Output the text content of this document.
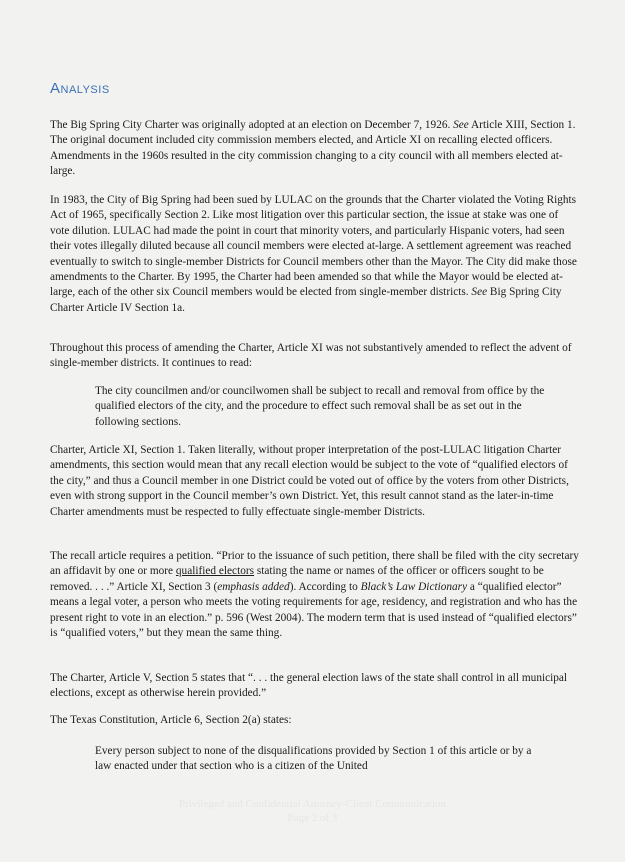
Analysis

The Big Spring City Charter was originally adopted at an election on December 7, 1926. See Article XIII, Section 1. The original document included city commission members elected, and Article XI on recalling elected officers. Amendments in the 1960s resulted in the city commission changing to a city council with all members elected at-large.

In 1983, the City of Big Spring had been sued by LULAC on the grounds that the Charter violated the Voting Rights Act of 1965, specifically Section 2. Like most litigation over this particular section, the issue at stake was one of vote dilution. LULAC had made the point in court that minority voters, and particularly Hispanic voters, had seen their votes illegally diluted because all council members were elected at-large. A settlement agreement was reached eventually to switch to single-member Districts for Council members other than the Mayor. The City did make those amendments to the Charter. By 1995, the Charter had been amended so that while the Mayor would be elected at-large, each of the other six Council members would be elected from single-member districts. See Big Spring City Charter Article IV Section 1a.

Throughout this process of amending the Charter, Article XI was not substantively amended to reflect the advent of single-member districts. It continues to read:

The city councilmen and/or councilwomen shall be subject to recall and removal from office by the qualified electors of the city, and the procedure to effect such removal shall be as set out in the following sections.

Charter, Article XI, Section 1. Taken literally, without proper interpretation of the post-LULAC litigation Charter amendments, this section would mean that any recall election would be subject to the vote of “qualified electors of the city,” and thus a Council member in one District could be voted out of office by the voters from other Districts, even with strong support in the Council member’s own District. Yet, this result cannot stand as the later-in-time Charter amendments must be respected to fully effectuate single-member Districts.

The recall article requires a petition. “Prior to the issuance of such petition, there shall be filed with the city secretary an affidavit by one or more qualified electors stating the name or names of the officer or officers sought to be removed. . . .” Article XI, Section 3 (emphasis added). According to Black’s Law Dictionary a “qualified elector” means a legal voter, a person who meets the voting requirements for age, residency, and registration and who has the present right to vote in an election.” p. 596 (West 2004). The modern term that is used instead of “qualified electors” is “qualified voters,” but they mean the same thing.

The Charter, Article V, Section 5 states that “. . . the general election laws of the state shall control in all municipal elections, except as otherwise herein provided.”

The Texas Constitution, Article 6, Section 2(a) states:

Every person subject to none of the disqualifications provided by Section 1 of this article or by a law enacted under that section who is a citizen of the United

Privileged and Confidential Attorney-Client Communication

Page 2 of 3
